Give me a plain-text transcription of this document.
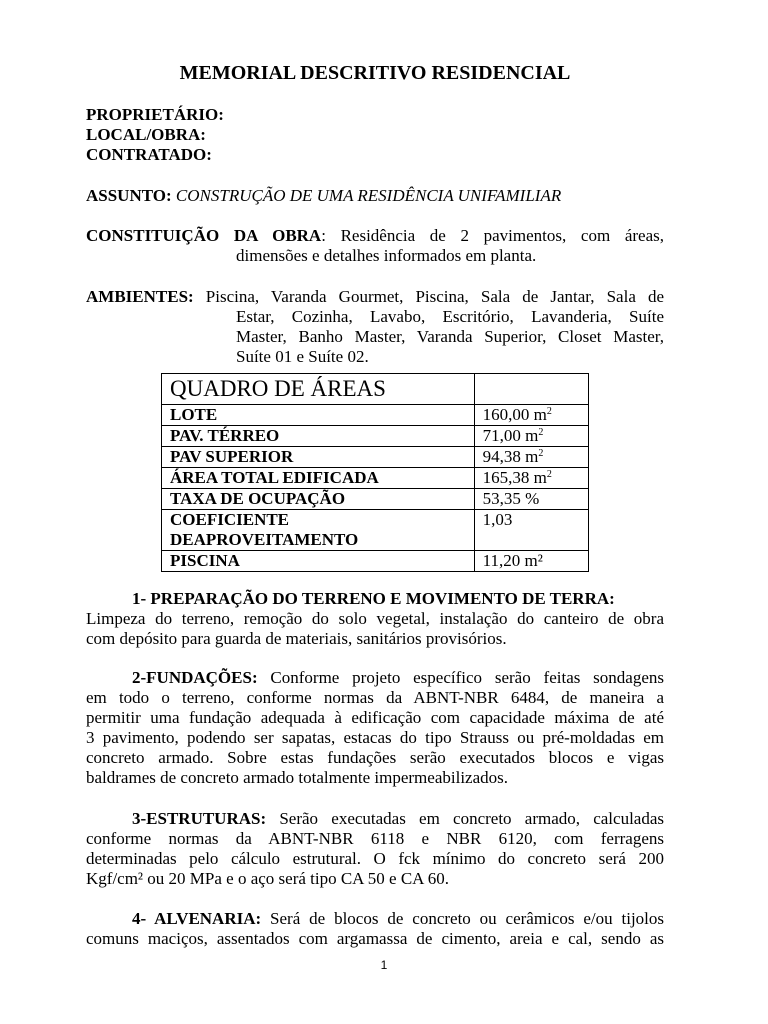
MEMORIAL DESCRITIVO RESIDENCIAL
PROPRIETÁRIO:
LOCAL/OBRA:
CONTRATADO:
ASSUNTO: CONSTRUÇÃO DE UMA RESIDÊNCIA UNIFAMILIAR
CONSTITUIÇÃO DA OBRA: Residência de 2 pavimentos, com áreas,
dimensões e detalhes informados em planta.
AMBIENTES: Piscina, Varanda Gourmet, Piscina, Sala de Jantar, Sala de
Estar, Cozinha, Lavabo, Escritório, Lavanderia, Suíte
Master, Banho Master, Varanda Superior, Closet Master,
Suíte 01 e Suíte 02.
QUADRO DE ÁREAS	
LOTE	160,00 $m^2$
PAV. TÉRREO	71,00 $m^2$
PAV SUPERIOR	94,38 $m^2$
ÁREA TOTAL EDIFICADA	165,38 $m^2$
TAXA DE OCUPAÇÃO	53,35 %

COEFICIENTE
DEAPROVEITAMENTO	1,03
PISCINA	11,20 m²
1- PREPARAÇÃO DO TERRENO E MOVIMENTO DE TERRA:
Limpeza do terreno, remoção do solo vegetal, instalação do canteiro de obra
com depósito para guarda de materiais, sanitários provisórios.
2-FUNDAÇÕES: Conforme projeto específico serão feitas sondagens
em todo o terreno, conforme normas da ABNT-NBR 6484, de maneira a
permitir uma fundação adequada à edificação com capacidade máxima de até
3 pavimento, podendo ser sapatas, estacas do tipo Strauss ou pré-moldadas em
concreto armado. Sobre estas fundações serão executados blocos e vigas
baldrames de concreto armado totalmente impermeabilizados.
3-ESTRUTURAS: Serão executadas em concreto armado, calculadas
conforme normas da ABNT-NBR 6118 e NBR 6120, com ferragens
determinadas pelo cálculo estrutural. O fck mínimo do concreto será 200
Kgf/cm² ou 20 MPa e o aço será tipo CA 50 e CA 60.
4- ALVENARIA: Será de blocos de concreto ou cerâmicos e/ou tijolos
comuns maciços, assentados com argamassa de cimento, areia e cal, sendo as
1
